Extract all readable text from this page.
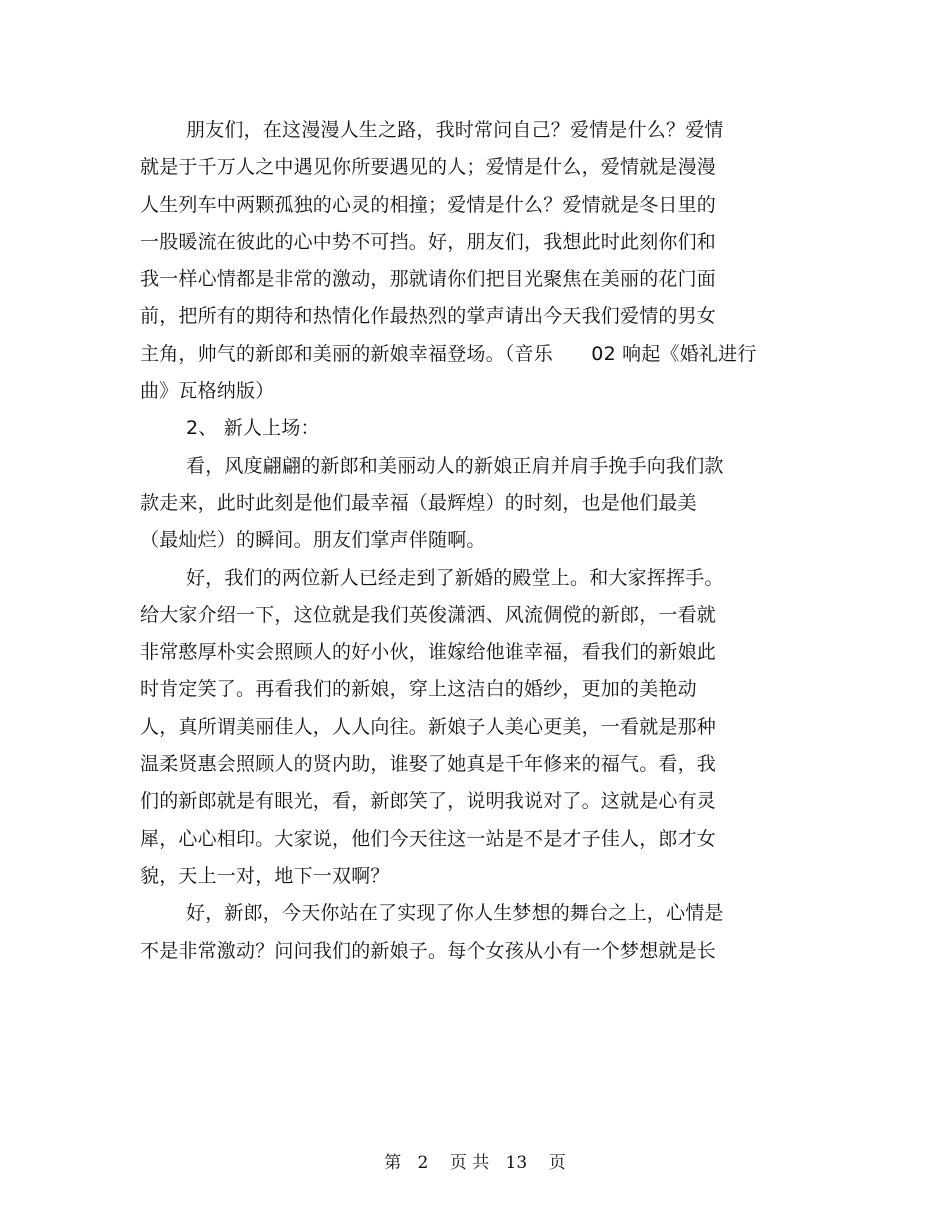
朋友们，在这漫漫人生之路，我时常问自己？爱情是什么？爱情
就是于千万人之中遇见你所要遇见的人；爱情是什么，爱情就是漫漫
人生列车中两颗孤独的心灵的相撞；爱情是什么？爱情就是冬日里的
一股暖流在彼此的心中势不可挡。好，朋友们，我想此时此刻你们和
我一样心情都是非常的激动，那就请你们把目光聚焦在美丽的花门面
前，把所有的期待和热情化作最热烈的掌声请出今天我们爱情的男女
主角，帅气的新郎和美丽的新娘幸福登场。（音乐　　02 响起《婚礼进行
曲》瓦格纳版）
2、 新人上场：
看，风度翩翩的新郎和美丽动人的新娘正肩并肩手挽手向我们款
款走来，此时此刻是他们最幸福（最辉煌）的时刻，也是他们最美
（最灿烂）的瞬间。朋友们掌声伴随啊。
好，我们的两位新人已经走到了新婚的殿堂上。和大家挥挥手。
给大家介绍一下，这位就是我们英俊潇洒、风流倜傥的新郎，一看就
非常憨厚朴实会照顾人的好小伙，谁嫁给他谁幸福，看我们的新娘此
时肯定笑了。再看我们的新娘，穿上这洁白的婚纱，更加的美艳动
人，真所谓美丽佳人，人人向往。新娘子人美心更美，一看就是那种
温柔贤惠会照顾人的贤内助，谁娶了她真是千年修来的福气。看，我
们的新郎就是有眼光，看，新郎笑了，说明我说对了。这就是心有灵
犀，心心相印。大家说，他们今天往这一站是不是才子佳人，郎才女
貌，天上一对，地下一双啊？
好，新郎，今天你站在了实现了你人生梦想的舞台之上，心情是
不是非常激动？问问我们的新娘子。每个女孩从小有一个梦想就是长
第 2 页 共 13 页
